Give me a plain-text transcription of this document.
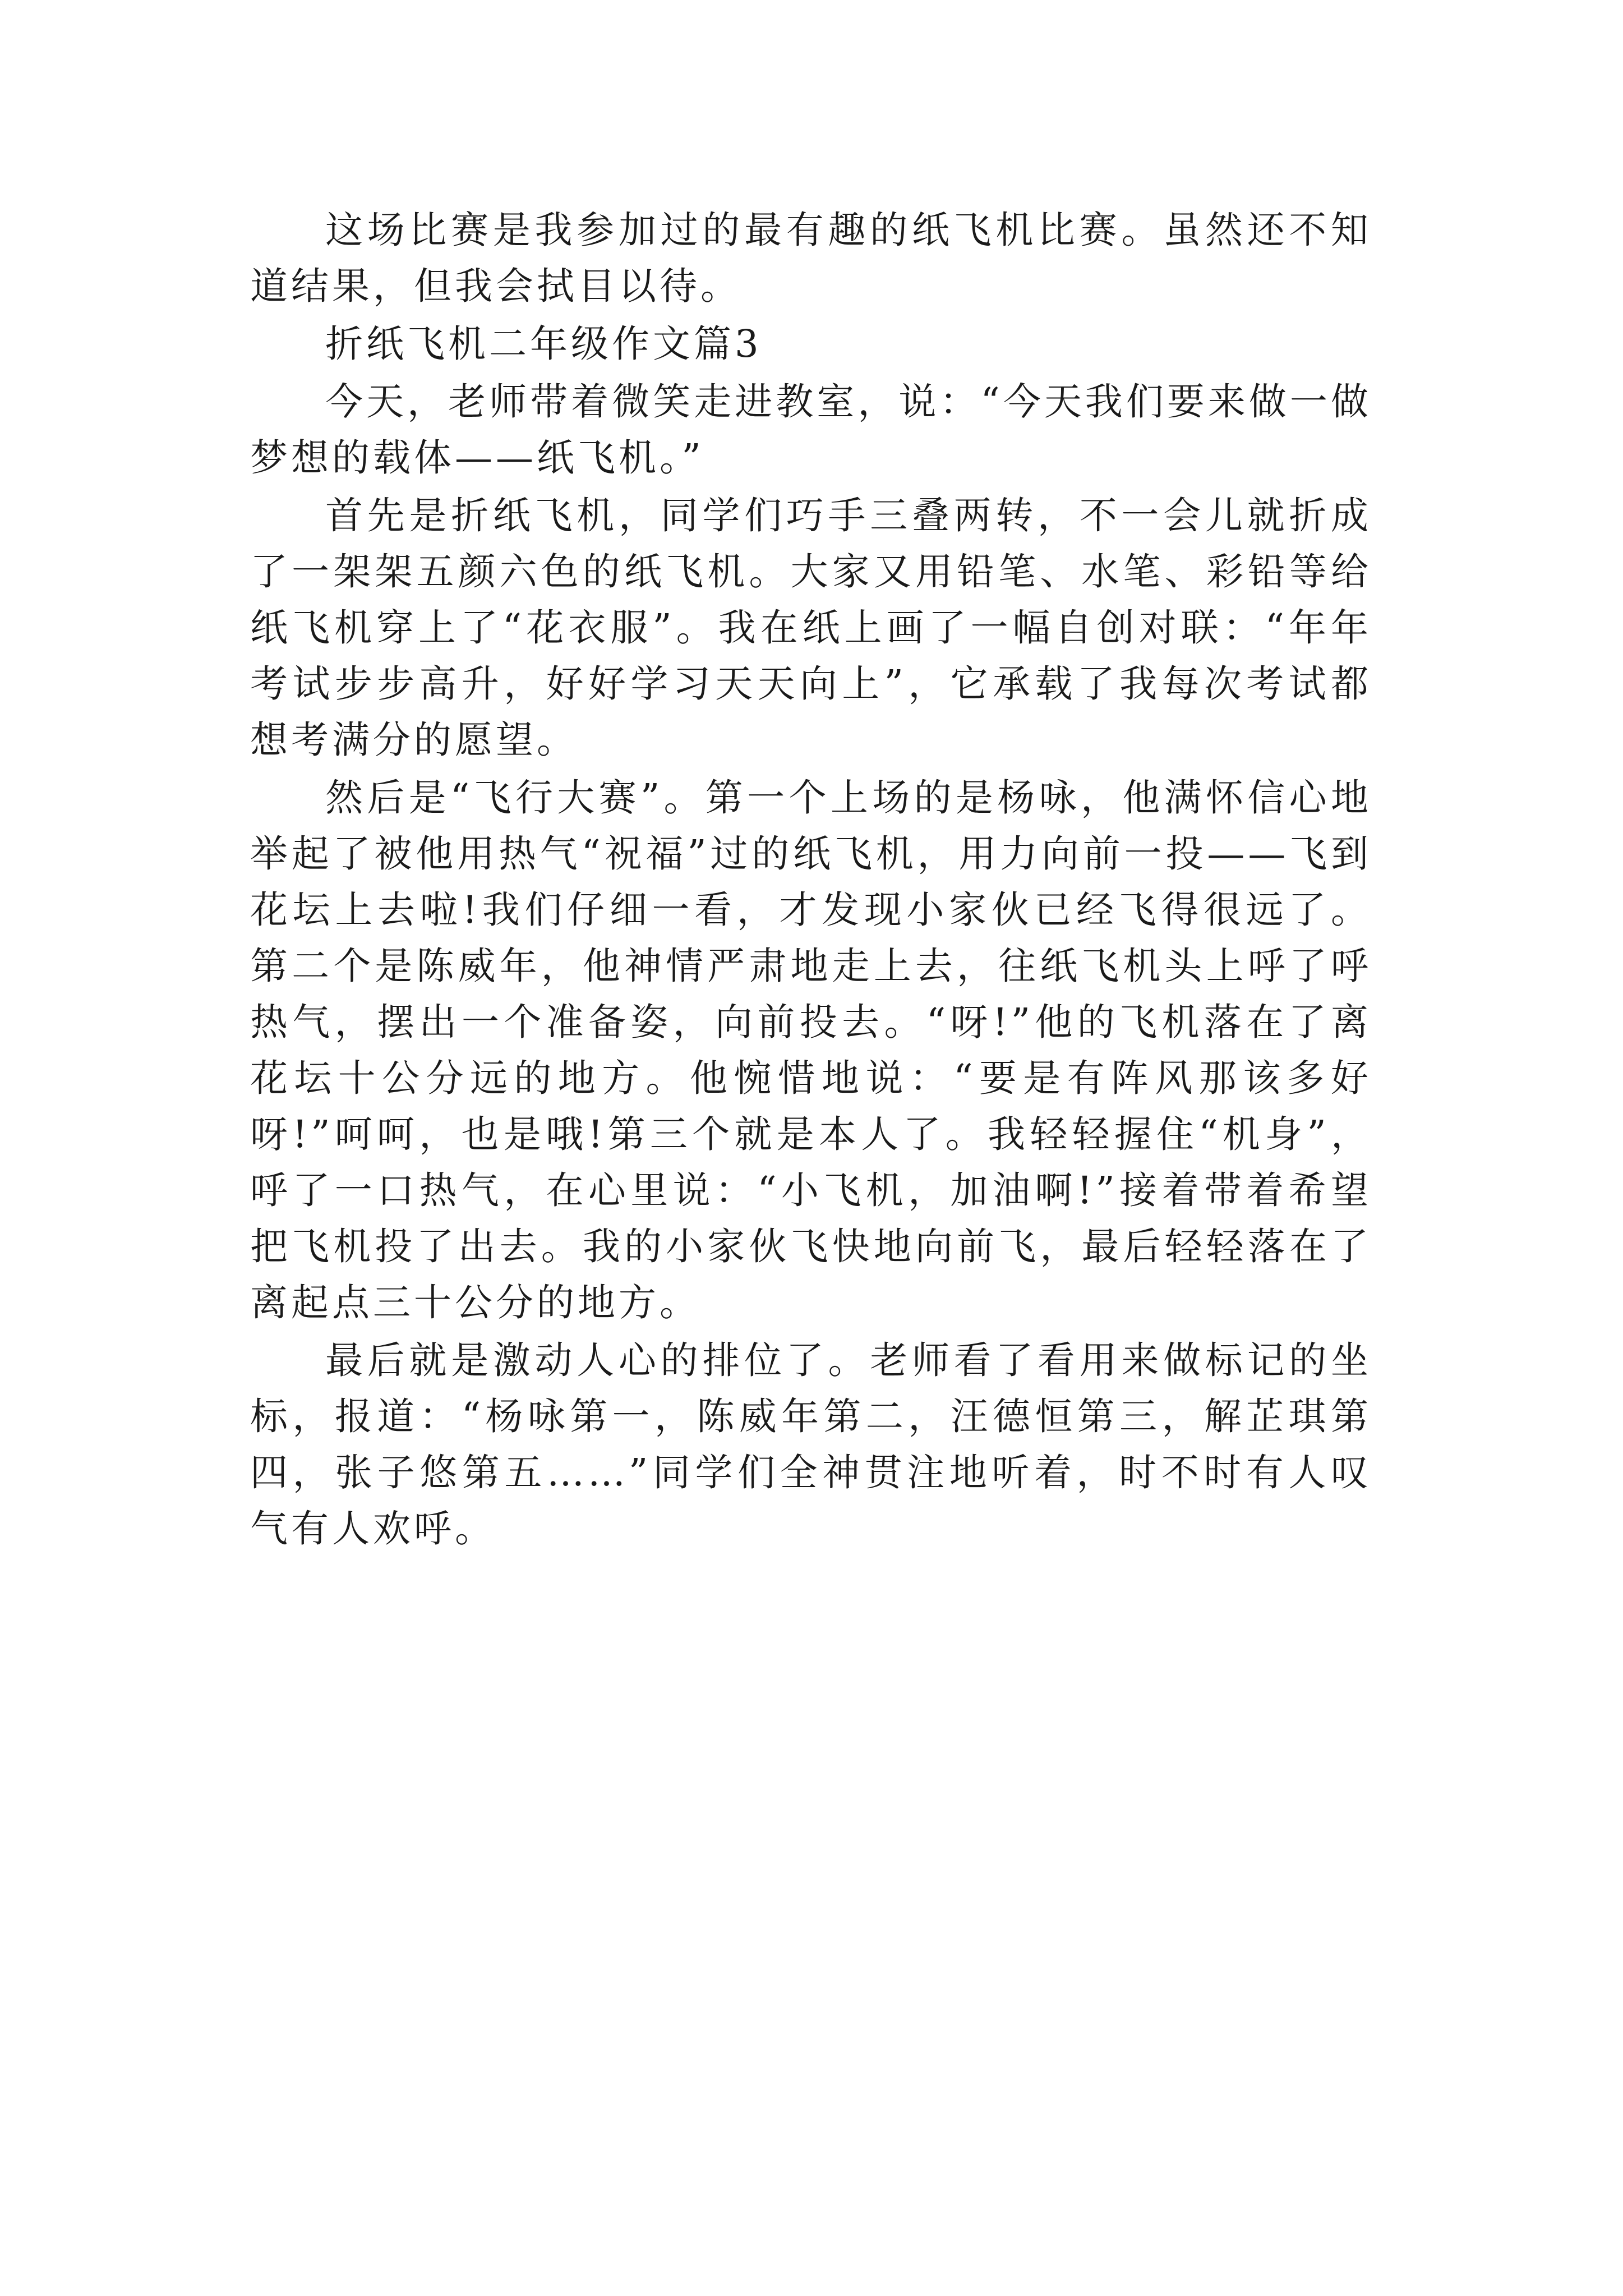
这场比赛是我参加过的最有趣的纸飞机比赛。虽然还不知道结果，但我会拭目以待。

折纸飞机二年级作文篇3

今天，老师带着微笑走进教室，说：“今天我们要来做一做梦想的载体——纸飞机。”

首先是折纸飞机，同学们巧手三叠两转，不一会儿就折成了一架架五颜六色的纸飞机。大家又用铅笔、水笔、彩铅等给纸飞机穿上了“花衣服”。我在纸上画了一幅自创对联：“年年考试步步高升，好好学习天天向上”，它承载了我每次考试都想考满分的愿望。

然后是“飞行大赛”。第一个上场的是杨咏，他满怀信心地举起了被他用热气“祝福”过的纸飞机，用力向前一投——飞到花坛上去啦!我们仔细一看，才发现小家伙已经飞得很远了。第二个是陈威年，他神情严肃地走上去，往纸飞机头上呼了呼热气，摆出一个准备姿，向前投去。“呀!”他的飞机落在了离花坛十公分远的地方。他惋惜地说：“要是有阵风那该多好呀!”呵呵，也是哦!第三个就是本人了。我轻轻握住“机身”，呼了一口热气，在心里说：“小飞机，加油啊!”接着带着希望把飞机投了出去。我的小家伙飞快地向前飞，最后轻轻落在了离起点三十公分的地方。

最后就是激动人心的排位了。老师看了看用来做标记的坐标，报道：“杨咏第一，陈威年第二，汪德恒第三，解芷琪第四，张子悠第五……”同学们全神贯注地听着，时不时有人叹气有人欢呼。
